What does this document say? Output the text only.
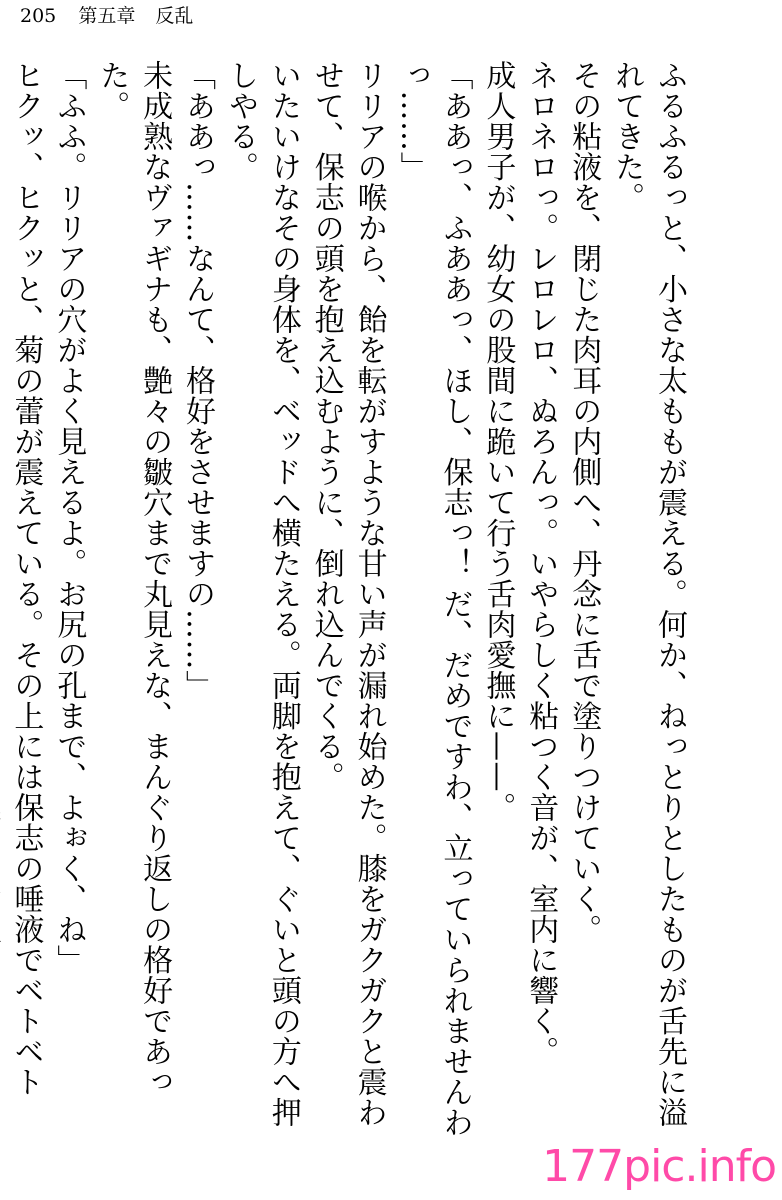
205 第五章 反乱

ふるふるっと、小さな太ももが震える。何か、ねっとりとしたものが舌先に溢れてきた。

その粘液を、閉じた肉耳の内側へ、丹念に舌で塗りつけていく。

ネロネロっ。レロレロ、ぬろんっ。いやらしく粘つく音が、室内に響く。

成人男子が、幼女の股間に跪いて行う舌肉愛撫に——。

「ああっ、ふああっ、ほし、保志っ！ だ、だめですわ、立っていられませんわっ……」

リリアの喉から、飴を転がすような甘い声が漏れ始めた。膝をガクガクと震わせて、保志の頭を抱え込むように、倒れ込んでくる。

いたいけなその身体を、ベッドへ横たえる。両脚を抱えて、ぐいと頭の方へ押しやる。

「ああっ……なんて、格好をさせますの……」

未成熟なヴァギナも、艶々の皺穴まで丸見えな、まんぐり返しの格好であった。

「ふふ。リリアの穴がよく見えるよ。お尻の孔まで、よぉく、ね」

ヒクッ、ヒクッと、菊の蕾が震えている。その上には保志の唾液でベトベト

177pic.info
